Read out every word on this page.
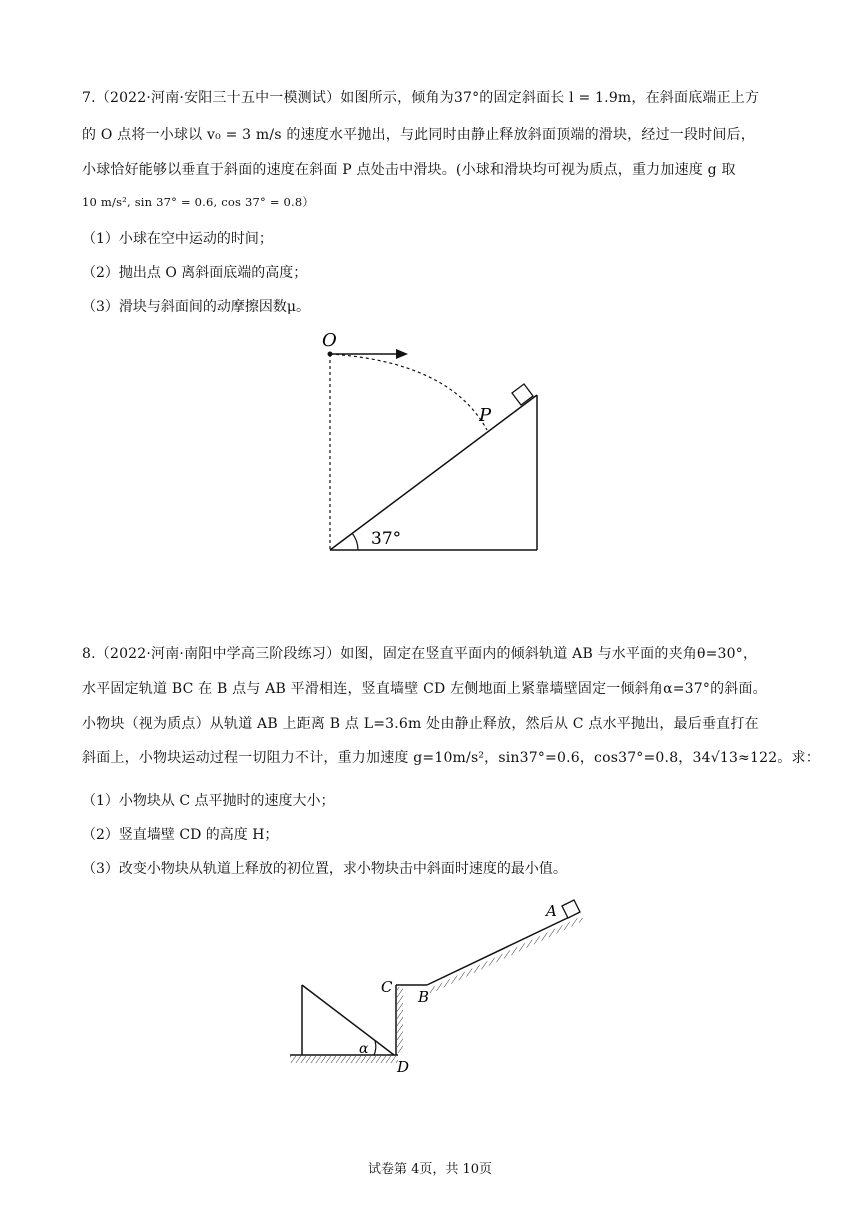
7.（2022·河南·安阳三十五中一模测试）如图所示，倾角为37°的固定斜面长 l = 1.9m，在斜面底端正上方
的 O 点将一小球以 v₀ = 3 m/s 的速度水平抛出，与此同时由静止释放斜面顶端的滑块，经过一段时间后，
小球恰好能够以垂直于斜面的速度在斜面 P 点处击中滑块。(小球和滑块均可视为质点，重力加速度 g 取
10 m/s², sin 37° = 0.6, cos 37° = 0.8）
（1）小球在空中运动的时间；
（2）抛出点 O 离斜面底端的高度；
（3）滑块与斜面间的动摩擦因数μ。
O
P
37°
8.（2022·河南·南阳中学高三阶段练习）如图，固定在竖直平面内的倾斜轨道 AB 与水平面的夹角θ=30°，
水平固定轨道 BC 在 B 点与 AB 平滑相连，竖直墙壁 CD 左侧地面上紧靠墙壁固定一倾斜角α=37°的斜面。
小物块（视为质点）从轨道 AB 上距离 B 点 L=3.6m 处由静止释放，然后从 C 点水平抛出，最后垂直打在
斜面上，小物块运动过程一切阻力不计，重力加速度 g=10m/s²，sin37°=0.6，cos37°=0.8，34√13≈122。求：
（1）小物块从 C 点平抛时的速度大小；
（2）竖直墙壁 CD 的高度 H；
（3）改变小物块从轨道上释放的初位置，求小物块击中斜面时速度的最小值。
A
B
C
D
α
试卷第 4页，共 10页
